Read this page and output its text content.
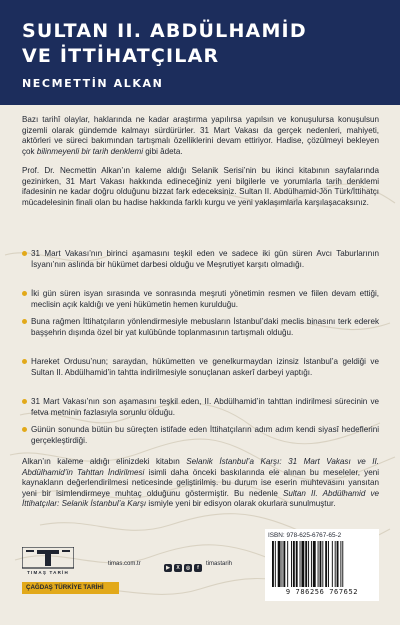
SULTAN II. ABDÜLHAMİD
VE İTTİHATÇILAR
NECMETTİN ALKAN

Bazı tarihî olaylar, haklarında ne kadar araştırma yapılırsa yapılsın ve konuşulursa konuşulsun gizemli olarak gündemde kalmayı sürdürürler. 31 Mart Vakası da gerçek nedenleri, mahiyeti, aktörleri ve süreci bakımından tartışmalı özelliklerini devam ettiriyor. Hadise, çözülmeyi bekleyen çok bilinmeyenli bir tarih denklemi gibi âdeta.

Prof. Dr. Necmettin Alkan’ın kaleme aldığı Selanik Serisi’nin bu ikinci kitabının sayfalarında gezinirken, 31 Mart Vakası hakkında edineceğiniz yeni bilgilerle ve yorumlarla tarih denklemi ifadesinin ne kadar doğru olduğunu bizzat fark edeceksiniz. Sultan II. Abdülhamid-Jön Türk/İttihatçı mücadelesinin finali olan bu hadise hakkında farklı kurgu ve yeni yaklaşımlarla karşılaşacaksınız.

31 Mart Vakası’nın birinci aşamasını teşkil eden ve sadece iki gün süren Avcı Taburlarının İsyanı’nın aslında bir hükümet darbesi olduğu ve Meşrutiyet karşıtı olmadığı.

İki gün süren isyan sırasında ve sonrasında meşruti yönetimin resmen ve fiilen devam ettiği, meclisin açık kaldığı ve yeni hükümetin hemen kurulduğu.

Buna rağmen İttihatçıların yönlendirmesiyle mebusların İstanbul’daki meclis binasını terk ederek başşehrin dışında özel bir yat kulübünde toplanmasının tartışmalı olduğu.

Hareket Ordusu’nun; saraydan, hükümetten ve genelkurmaydan izinsiz İstanbul’a geldiği ve Sultan II. Abdülhamid’in tahtta indirilmesiyle sonuçlanan askerî darbeyi yaptığı.

31 Mart Vakası’nın son aşamasını teşkil eden, II. Abdülhamid’in tahttan indirilmesi sürecinin ve fetva metninin fazlasıyla sorunlu olduğu.

Günün sonunda bütün bu süreçten istifade eden İttihatçıların adım adım kendi siyasî hedeflerini gerçekleştirdiği.

Alkan’ın kaleme aldığı elinizdeki kitabın Selanik İstanbul’a Karşı: 31 Mart Vakası ve II. Abdülhamid’in Tahttan İndirilmesi isimli daha önceki baskılarında ele alınan bu meseleler, yeni kaynakların değerlendirilmesi neticesinde geliştirilmiş. bu durum ise eserin muhtevasını yansıtan yeni bir isimlendirmeye muhtaç olduğunu göstermiştir. Bu nedenle Sultan II. Abdülhamid ve İttihatçılar: Selanik İstanbul’a Karşı ismiyle yeni bir edisyon olarak okurlara sunulmuştur.

TIMAŞ TARİH
timas.com.tr
▶ X ◎ f
timastarih
ÇAĞDAŞ TÜRKİYE TARİHİ
ISBN: 978-625-6767-65-2
9 786256 767652
